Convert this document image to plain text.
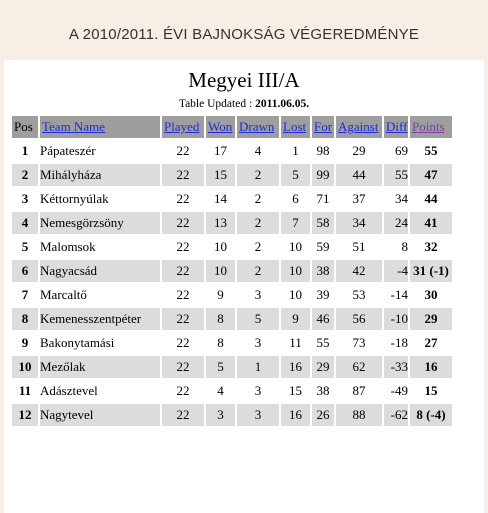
A 2010/2011. ÉVI BAJNOKSÁG VÉGEREDMÉNYE
Megyei III/A
Table Updated : 2011.06.05.
Pos	Team Name	Played	Won	Drawn	Lost	For	Against	Diff	Points
1	Pápateszér	22	17	4	1	98	29	69	55
2	Mihályháza	22	15	2	5	99	44	55	47
3	Kéttornyúlak	22	14	2	6	71	37	34	44
4	Nemesgörzsöny	22	13	2	7	58	34	24	41
5	Malomsok	22	10	2	10	59	51	8	32
6	Nagyacsád	22	10	2	10	38	42	-4	31 (-1)
7	Marcaltő	22	9	3	10	39	53	-14	30
8	Kemenesszentpéter	22	8	5	9	46	56	-10	29
9	Bakonytamási	22	8	3	11	55	73	-18	27
10	Mezőlak	22	5	1	16	29	62	-33	16
11	Adásztevel	22	4	3	15	38	87	-49	15
12	Nagytevel	22	3	3	16	26	88	-62	8 (-4)
